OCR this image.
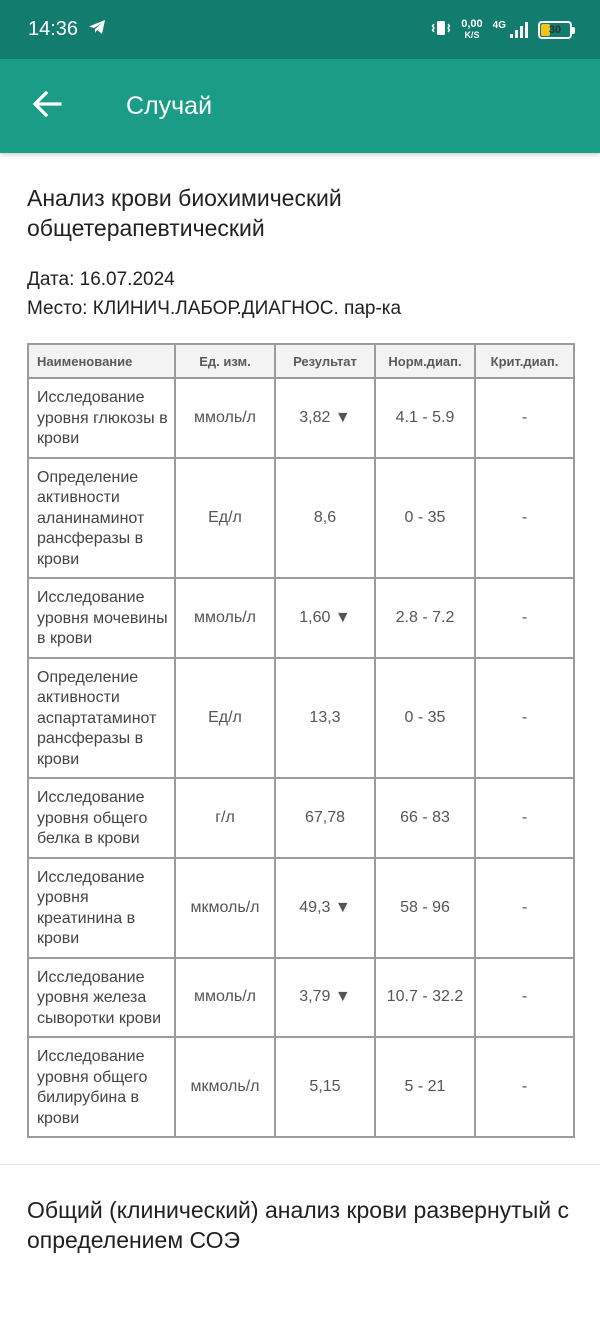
14:36	0,00
K/S
4G	30
Случай
Анализ крови биохимический общетерапевтический
Дата: 16.07.2024
Место: КЛИНИЧ.ЛАБОР.ДИАГНОС. пар-ка
Наименование	Ед. изм.	Результат	Норм.диап.	Крит.диап.
Исследование уровня глюкозы в крови	ммоль/л	3,82 ▼	4.1 - 5.9	-
Определение активности аланинаминот рансферазы в крови	Ед/л	8,6	0 - 35	-
Исследование уровня мочевины в крови	ммоль/л	1,60 ▼	2.8 - 7.2	-
Определение активности аспартатаминот рансферазы в крови	Ед/л	13,3	0 - 35	-
Исследование уровня общего белка в крови	г/л	67,78	66 - 83	-
Исследование уровня креатинина в крови	мкмоль/л	49,3 ▼	58 - 96	-
Исследование уровня железа сыворотки крови	ммоль/л	3,79 ▼	10.7 - 32.2	-
Исследование уровня общего билирубина в крови	мкмоль/л	5,15	5 - 21	-
Общий (клинический) анализ крови развернутый с определением СОЭ
